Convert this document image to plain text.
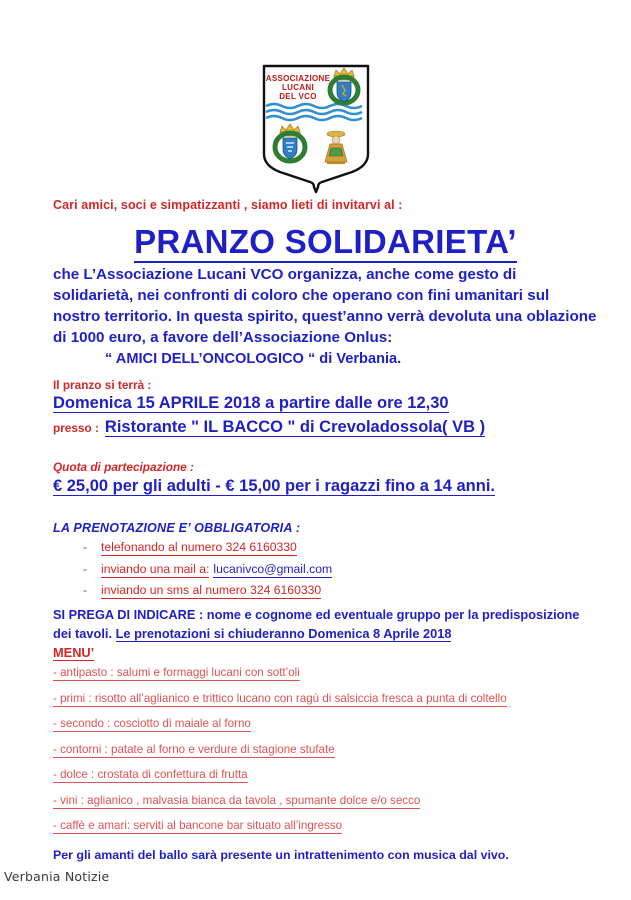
ASSOCIAZIONE
LUCANI
DEL VCO

Cari amici, soci e simpatizzanti , siamo lieti di invitarvi al :

PRANZO SOLIDARIETA’

che L’Associazione Lucani VCO organizza, anche come gesto di solidarietà, nei confronti di coloro che operano con fini umanitari sul nostro territorio. In questa spirito, quest’anno verrà devoluta una oblazione di 1000 euro, a favore dell’Associazione Onlus:
“ AMICI DELL’ONCOLOGICO “ di Verbania.

Il pranzo si terrà :

Domenica 15 APRILE 2018 a partire dalle ore 12,30

presso : Ristorante " IL BACCO " di Crevoladossola( VB )

Quota di partecipazione :

€ 25,00 per gli adulti - € 15,00 per i ragazzi fino a 14 anni.

LA PRENOTAZIONE E’ OBBLIGATORIA :

- telefonando al numero 324 6160330
- inviando una mail a: lucanivco@gmail.com
- inviando un sms al numero 324 6160330

SI PREGA DI INDICARE : nome e cognome ed eventuale gruppo per la predisposizione dei tavoli. Le prenotazioni si chiuderanno Domenica 8 Aprile 2018

MENU’

- antipasto : salumi e formaggi lucani con sott’oli
- primi : risotto all’aglianico e trittico lucano con ragù di salsiccia fresca a punta di coltello
- secondo : cosciotto di maiale al forno
- contorni : patate al forno e verdure di stagione stufate
- dolce : crostata di confettura di frutta
- vini : aglianico , malvasia bianca da tavola , spumante dolce e/o secco
- caffè e amari: serviti al bancone bar situato all’ingresso

Per gli amanti del ballo sarà presente un intrattenimento con musica dal vivo.

Verbania Notizie
